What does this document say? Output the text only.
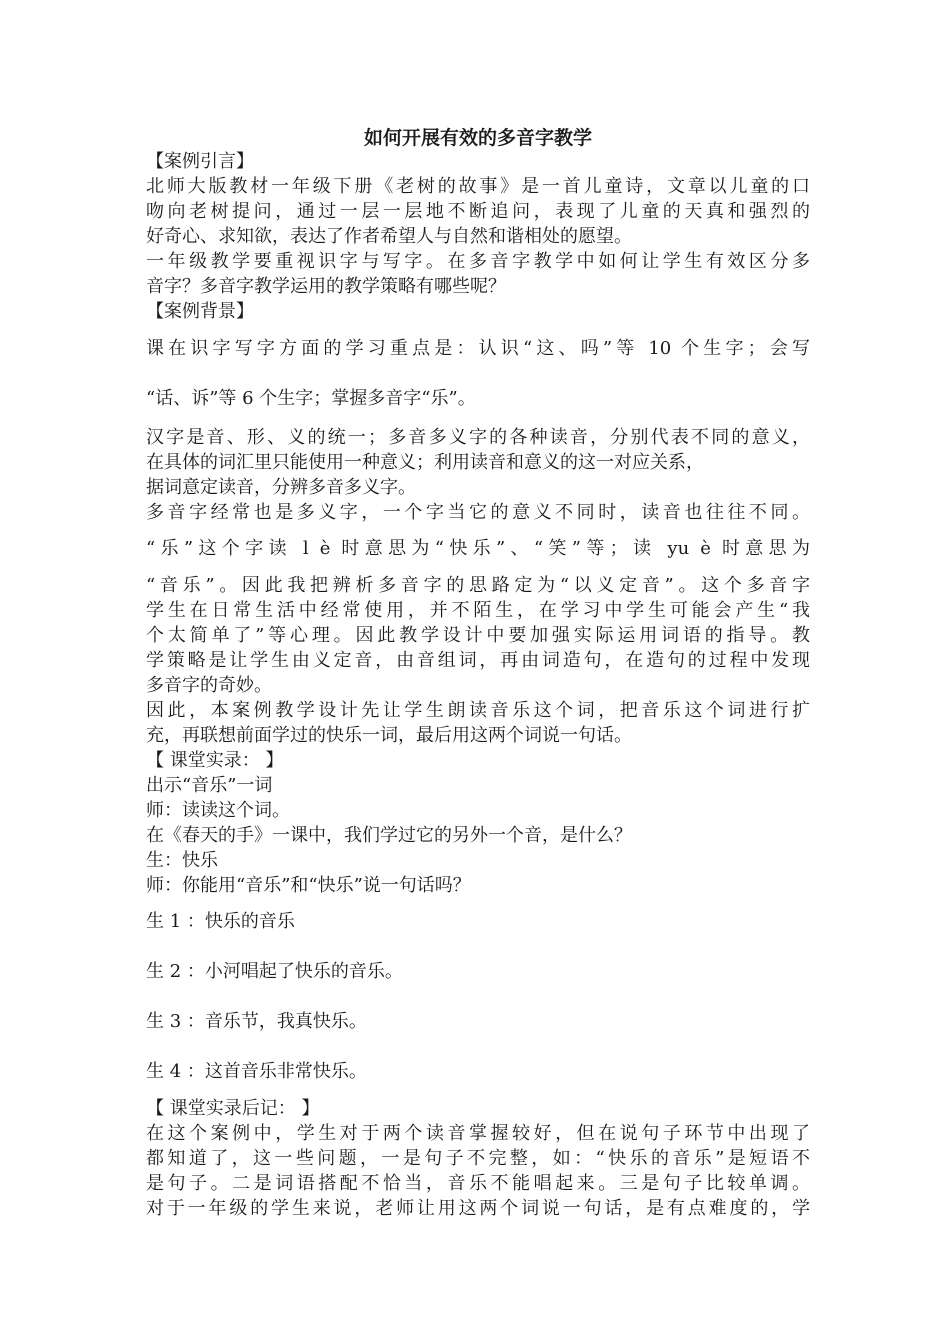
如何开展有效的多音字教学
【案例引言】
北师大版教材一年级下册《老树的故事》是一首儿童诗，文章以儿童的口
吻向老树提问，通过一层一层地不断追问，表现了儿童的天真和强烈的
好奇心、求知欲，表达了作者希望人与自然和谐相处的愿望。
一年级教学要重视识字与写字。在多音字教学中如何让学生有效区分多
音字？多音字教学运用的教学策略有哪些呢？
【案例背景】
课在识字写字方面的学习重点是：认识“这、吗”等 10 个生字；会写
“话、诉”等 6 个生字；掌握多音字“乐”。
汉字是音、形、义的统一；多音多义字的各种读音，分别代表不同的意义，
在具体的词汇里只能使用一种意义；利用读音和意义的这一对应关系，
据词意定读音，分辨多音多义字。
多音字经常也是多义字，一个字当它的意义不同时，读音也往往不同。
“乐”这个字读 l è 时意思为“快乐”、“笑”等；读 yu è 时意思为
“音乐”。因此我把辨析多音字的思路定为“以义定音”。这个多音字
学生在日常生活中经常使用，并不陌生，在学习中学生可能会产生“我
个太简单了”等心理。因此教学设计中要加强实际运用词语的指导。教
学策略是让学生由义定音，由音组词，再由词造句，在造句的过程中发现
多音字的奇妙。
因此，本案例教学设计先让学生朗读音乐这个词，把音乐这个词进行扩
充，再联想前面学过的快乐一词，最后用这两个词说一句话。
【 课堂实录： 】
出示“音乐”一词
师：读读这个词。
在《春天的手》一课中，我们学过它的另外一个音，是什么？
生：快乐
师：你能用“音乐”和“快乐”说一句话吗？
生 1 ：快乐的音乐
生 2 ：小河唱起了快乐的音乐。
生 3 ：音乐节，我真快乐。
生 4 ：这首音乐非常快乐。
【 课堂实录后记： 】
在这个案例中，学生对于两个读音掌握较好，但在说句子环节中出现了
都知道了，这一些问题，一是句子不完整，如：“快乐的音乐”是短语不
是句子。二是词语搭配不恰当，音乐不能唱起来。三是句子比较单调。
对于一年级的学生来说，老师让用这两个词说一句话，是有点难度的，学
